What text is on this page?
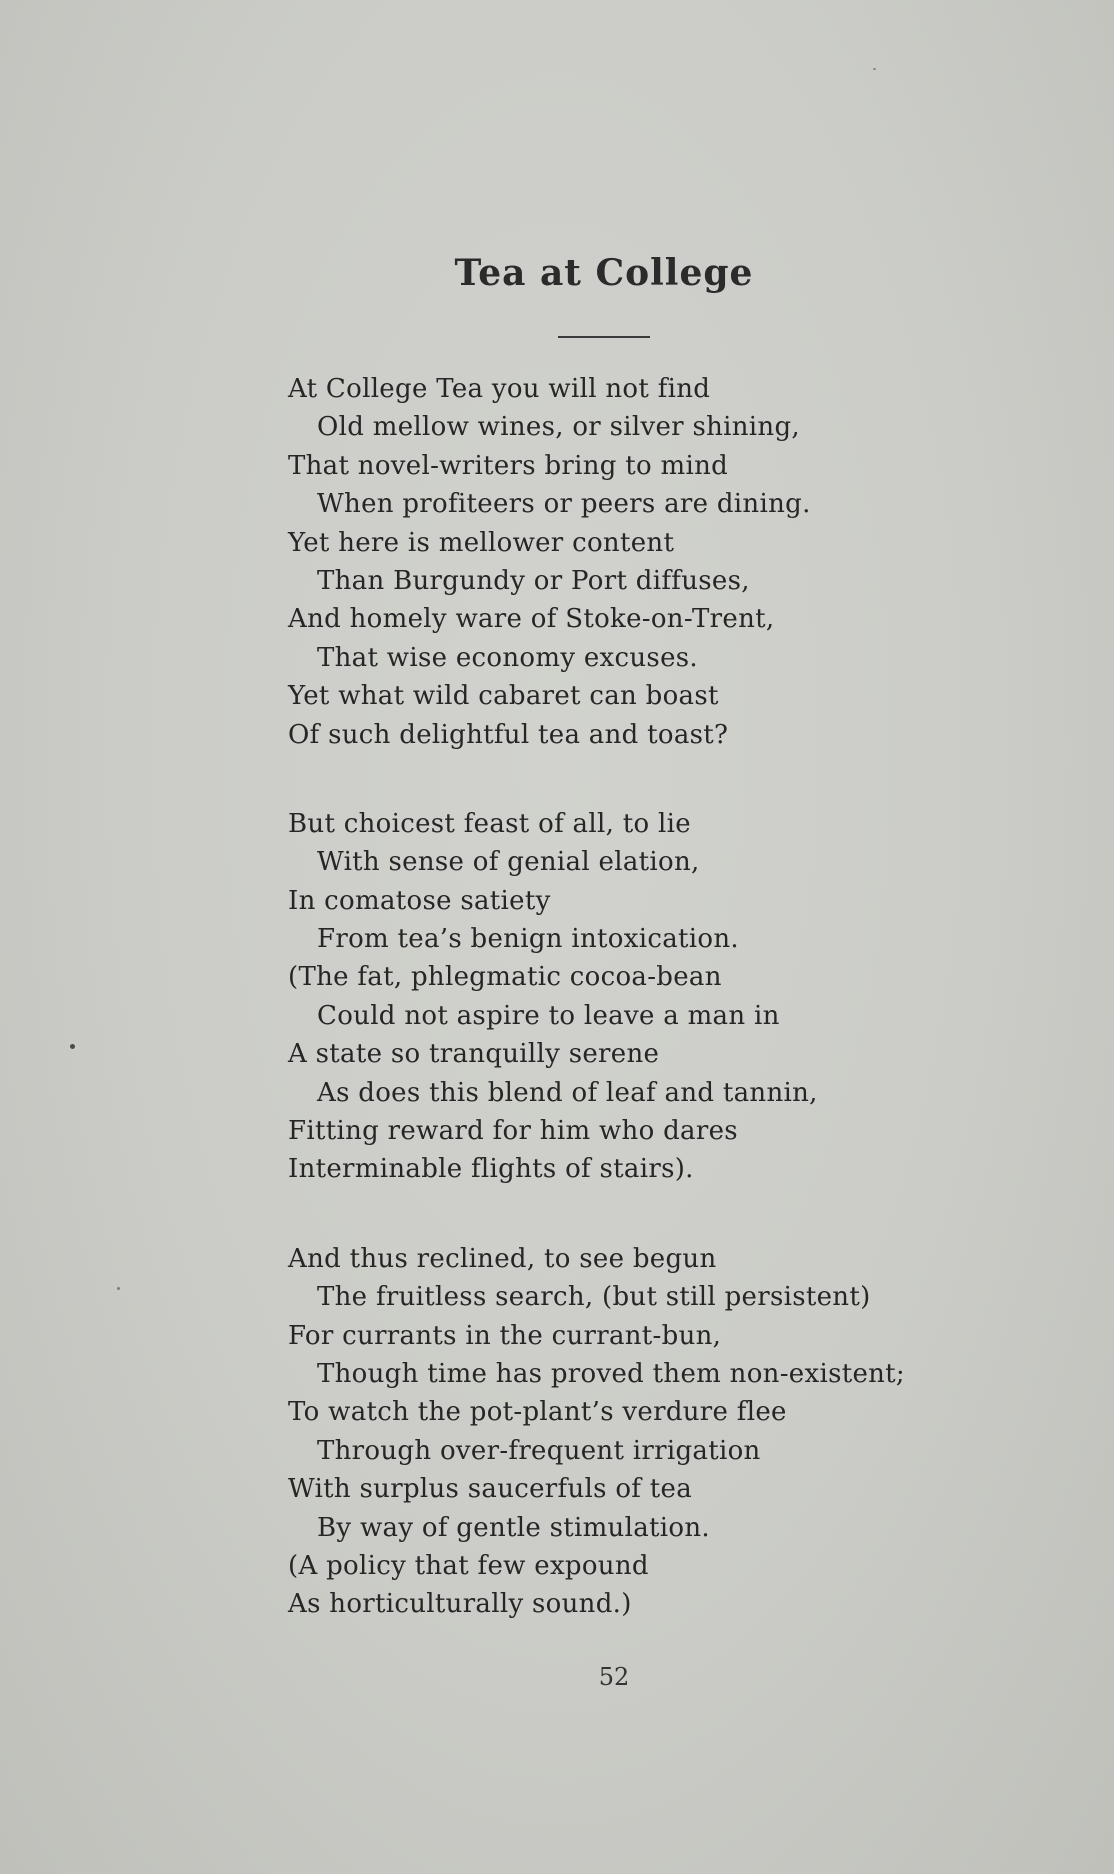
Tea at College
At College Tea you will not find
Old mellow wines, or silver shining,
That novel-writers bring to mind
When profiteers or peers are dining.
Yet here is mellower content
Than Burgundy or Port diffuses,
And homely ware of Stoke-on-Trent,
That wise economy excuses.
Yet what wild cabaret can boast
Of such delightful tea and toast?
But choicest feast of all, to lie
With sense of genial elation,
In comatose satiety
From tea’s benign intoxication.
(The fat, phlegmatic cocoa-bean
Could not aspire to leave a man in
A state so tranquilly serene
As does this blend of leaf and tannin,
Fitting reward for him who dares
Interminable flights of stairs).
And thus reclined, to see begun
The fruitless search, (but still persistent)
For currants in the currant-bun,
Though time has proved them non-existent;
To watch the pot-plant’s verdure flee
Through over-frequent irrigation
With surplus saucerfuls of tea
By way of gentle stimulation.
(A policy that few expound
As horticulturally sound.)
52
